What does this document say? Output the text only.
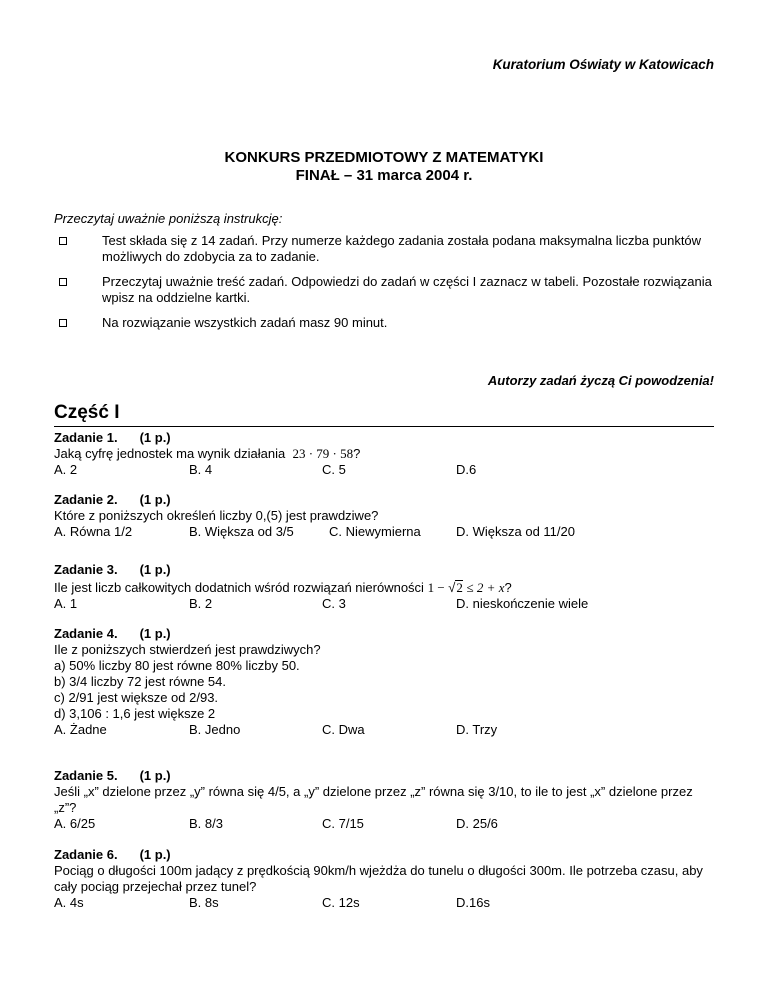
Kuratorium Oświaty w Katowicach
KONKURS PRZEDMIOTOWY Z MATEMATYKI
FINAŁ – 31 marca 2004 r.
Przeczytaj uważnie poniższą instrukcję:
Test składa się z 14 zadań. Przy numerze każdego zadania została podana maksymalna liczba punktów możliwych do zdobycia za to zadanie.
Przeczytaj uważnie treść zadań. Odpowiedzi do zadań w części I zaznacz w tabeli. Pozostałe rozwiązania wpisz na oddzielne kartki.
Na rozwiązanie wszystkich zadań masz 90 minut.
Autorzy zadań życzą Ci powodzenia!
Część I
Zadanie 1. (1 p.)
Jaką cyfrę jednostek ma wynik działania 23 · 79 · 58?
A. 2	B. 4	C. 5	D.6
Zadanie 2. (1 p.)
Które z poniższych określeń liczby 0,(5) jest prawdziwe?
A. Równa 1/2	B. Większa od 3/5	C. Niewymierna	D. Większa od 11/20
Zadanie 3. (1 p.)
Ile jest liczb całkowitych dodatnich wśród rozwiązań nierówności 1 − √2 ≤ 2 + x?
A. 1	B. 2	C. 3	D. nieskończenie wiele
Zadanie 4. (1 p.)
Ile z poniższych stwierdzeń jest prawdziwych?
a) 50% liczby 80 jest równe 80% liczby 50.
b) 3/4 liczby 72 jest równe 54.
c) 2/91 jest większe od 2/93.
d) 3,106 : 1,6 jest większe 2
A. Żadne	B. Jedno	C. Dwa	D. Trzy
Zadanie 5. (1 p.)
Jeśli „x” dzielone przez „y” równa się 4/5, a „y” dzielone przez „z” równa się 3/10, to ile to jest „x” dzielone przez „z”?
A. 6/25	B. 8/3	C. 7/15	D. 25/6
Zadanie 6. (1 p.)
Pociąg o długości 100m jadący z prędkością 90km/h wjeżdża do tunelu o długości 300m. Ile potrzeba czasu, aby cały pociąg przejechał przez tunel?
A. 4s	B. 8s	C. 12s	D.16s
